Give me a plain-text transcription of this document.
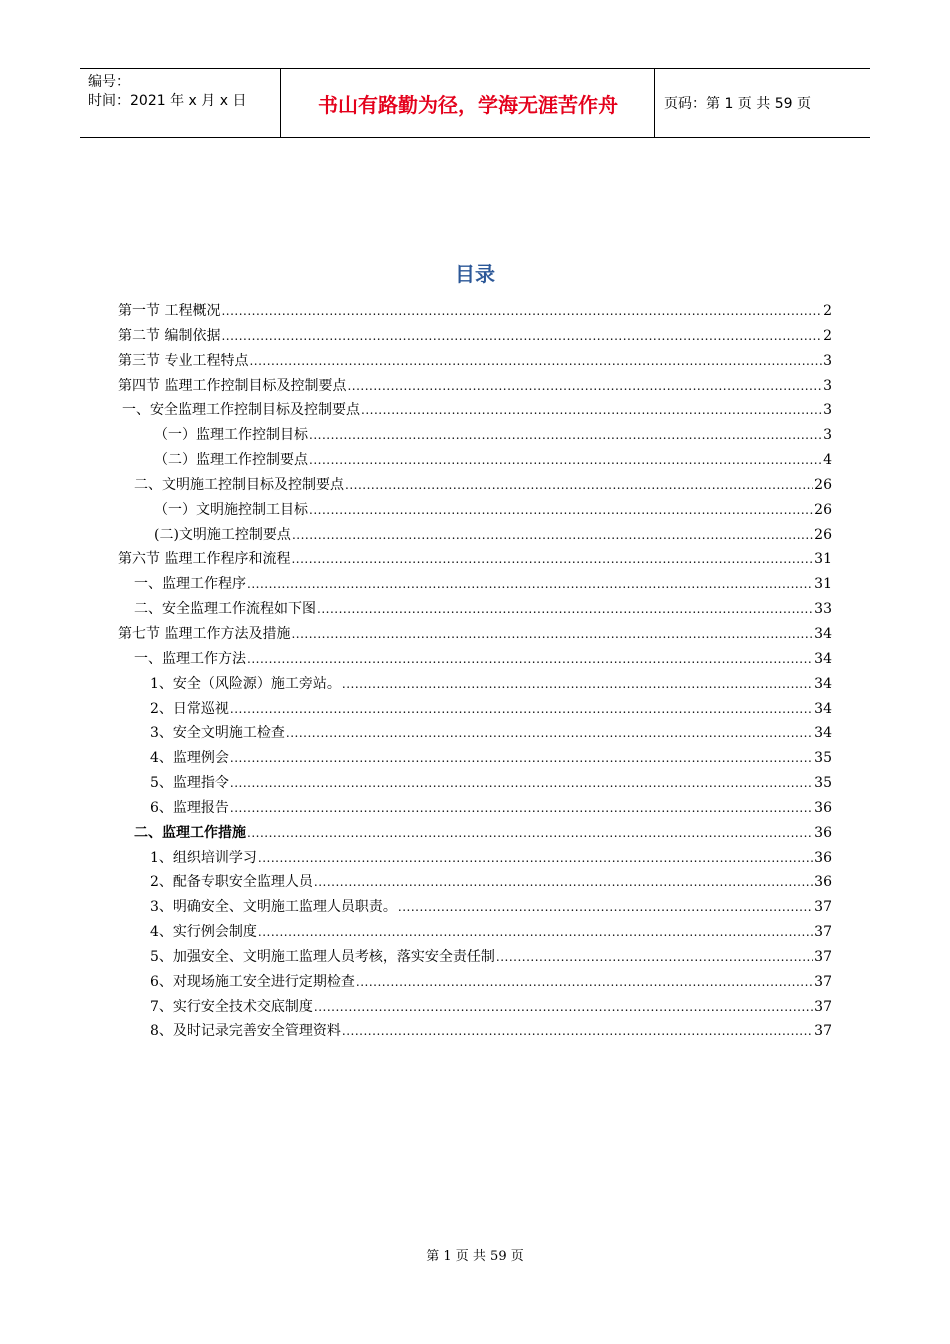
编号：
时间：2021 年 x 月 x 日	书山有路勤为径，学海无涯苦作舟	页码：第 1 页 共 59 页
目录
第一节 工程概况 .....	2
第二节 编制依据 .....	2
第三节 专业工程特点 .....	3
第四节 监理工作控制目标及控制要点 .....	3
一、安全监理工作控制目标及控制要点 .....	3
（一）监理工作控制目标 .....	3
（二）监理工作控制要点 .....	4
二、文明施工控制目标及控制要点 .....	26
（一）文明施控制工目标 .....	26
(二)文明施工控制要点 .....	26
第六节 监理工作程序和流程 .....	31
一、监理工作程序 .....	31
二、安全监理工作流程如下图 .....	33
第七节 监理工作方法及措施 .....	34
一、监理工作方法 .....	34
1、安全（风险源）施工旁站。 .....	34
2、日常巡视 .....	34
3、安全文明施工检查 .....	34
4、监理例会 .....	35
5、监理指令 .....	35
6、监理报告 .....	36
二、监理工作措施 .....	36
1、组织培训学习 .....	36
2、配备专职安全监理人员 .....	36
3、明确安全、文明施工监理人员职责。 .....	37
4、实行例会制度 .....	37
5、加强安全、文明施工监理人员考核，落实安全责任制 .....	37
6、对现场施工安全进行定期检查 .....	37
7、实行安全技术交底制度 .....	37
8、及时记录完善安全管理资料 .....	37
第 1 页 共 59 页
